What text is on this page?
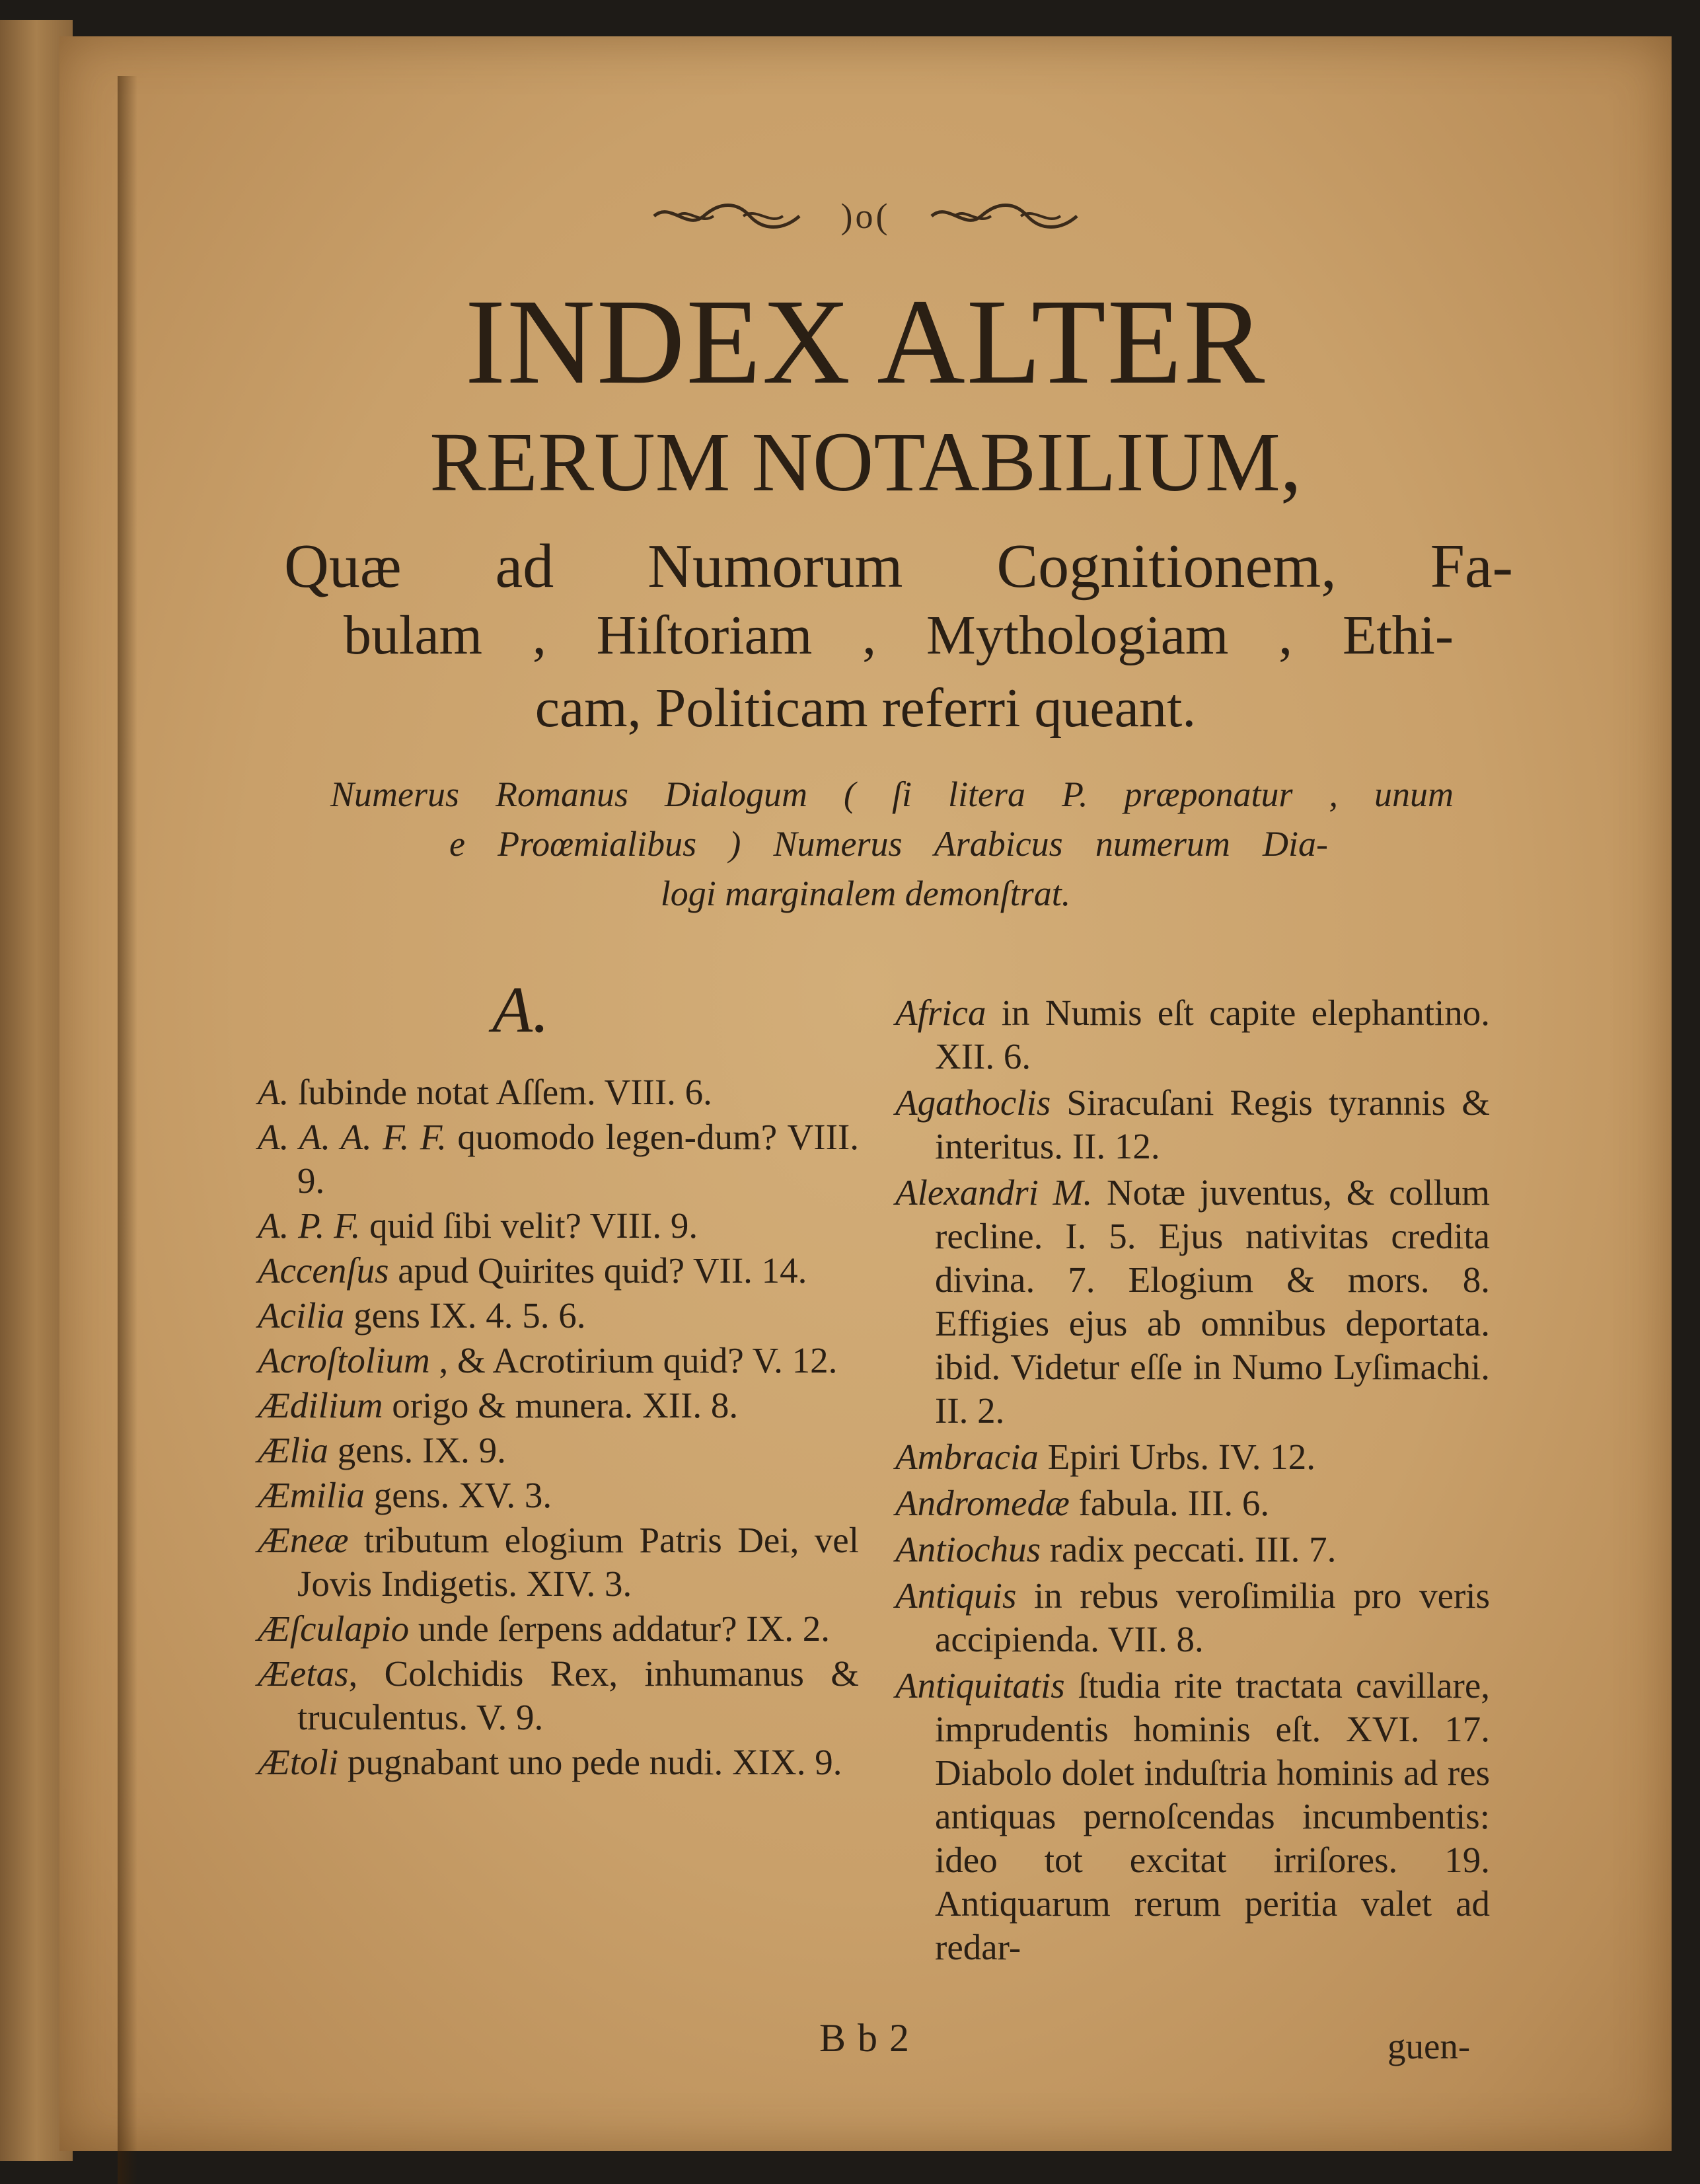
)o(
INDEX ALTER
RERUM NOTABILIUM,
Quæ ad Numorum Cognitionem, Fa-
bulam , Hiſtoriam , Mythologiam , Ethi-
cam, Politicam referri queant.
Numerus Romanus Dialogum ( ſi litera P. præponatur , unum
e Proœmialibus ) Numerus Arabicus numerum Dia-
logi marginalem demonſtrat.
A.
A. ſubinde notat Aſſem. VIII. 6.
A. A. A. F. F. quomodo legen-dum? VIII. 9.
A. P. F. quid ſibi velit? VIII. 9.
Accenſus apud Quirites quid? VII. 14.
Acilia gens IX. 4. 5. 6.
Acroſtolium , & Acrotirium quid? V. 12.
Ædilium origo & munera. XII. 8.
Ælia gens. IX. 9.
Æmilia gens. XV. 3.
Æneæ tributum elogium Patris Dei, vel Jovis Indigetis. XIV. 3.
Æſculapio unde ſerpens addatur? IX. 2.
Æetas, Colchidis Rex, inhumanus & truculentus. V. 9.
Ætoli pugnabant uno pede nudi. XIX. 9.
Africa in Numis eſt capite elephantino. XII. 6.
Agathoclis Siracuſani Regis tyrannis & interitus. II. 12.
Alexandri M. Notæ juventus, & collum recline. I. 5. Ejus nativitas credita divina. 7. Elogium & mors. 8. Effigies ejus ab omnibus deportata. ibid. Videtur eſſe in Numo Lyſimachi. II. 2.
Ambracia Epiri Urbs. IV. 12.
Andromedæ fabula. III. 6.
Antiochus radix peccati. III. 7.
Antiquis in rebus veroſimilia pro veris accipienda. VII. 8.
Antiquitatis ſtudia rite tractata cavillare, imprudentis hominis eſt. XVI. 17. Diabolo dolet induſtria hominis ad res antiquas pernoſcendas incumbentis: ideo tot excitat irriſores. 19. Antiquarum rerum peritia valet ad redar-
Bb2	guen-
